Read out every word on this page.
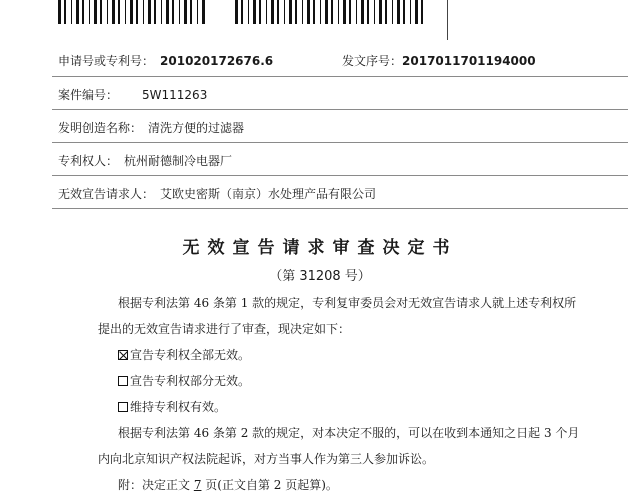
申请号或专利号： 201020172676.6	发文序号：2017011701194000
案件编号： 5W111263
发明创造名称： 清洗方便的过滤器
专利权人： 杭州耐德制冷电器厂
无效宣告请求人： 艾欧史密斯（南京）水处理产品有限公司
无效宣告请求审查决定书
（第 31208 号）
根据专利法第 46 条第 1 款的规定，专利复审委员会对无效宣告请求人就上述专利权所
提出的无效宣告请求进行了审查，现决定如下：
宣告专利权全部无效。
宣告专利权部分无效。
维持专利权有效。
根据专利法第 46 条第 2 款的规定，对本决定不服的，可以在收到本通知之日起 3 个月
内向北京知识产权法院起诉，对方当事人作为第三人参加诉讼。
附：决定正文 7 页(正文自第 2 页起算)。
